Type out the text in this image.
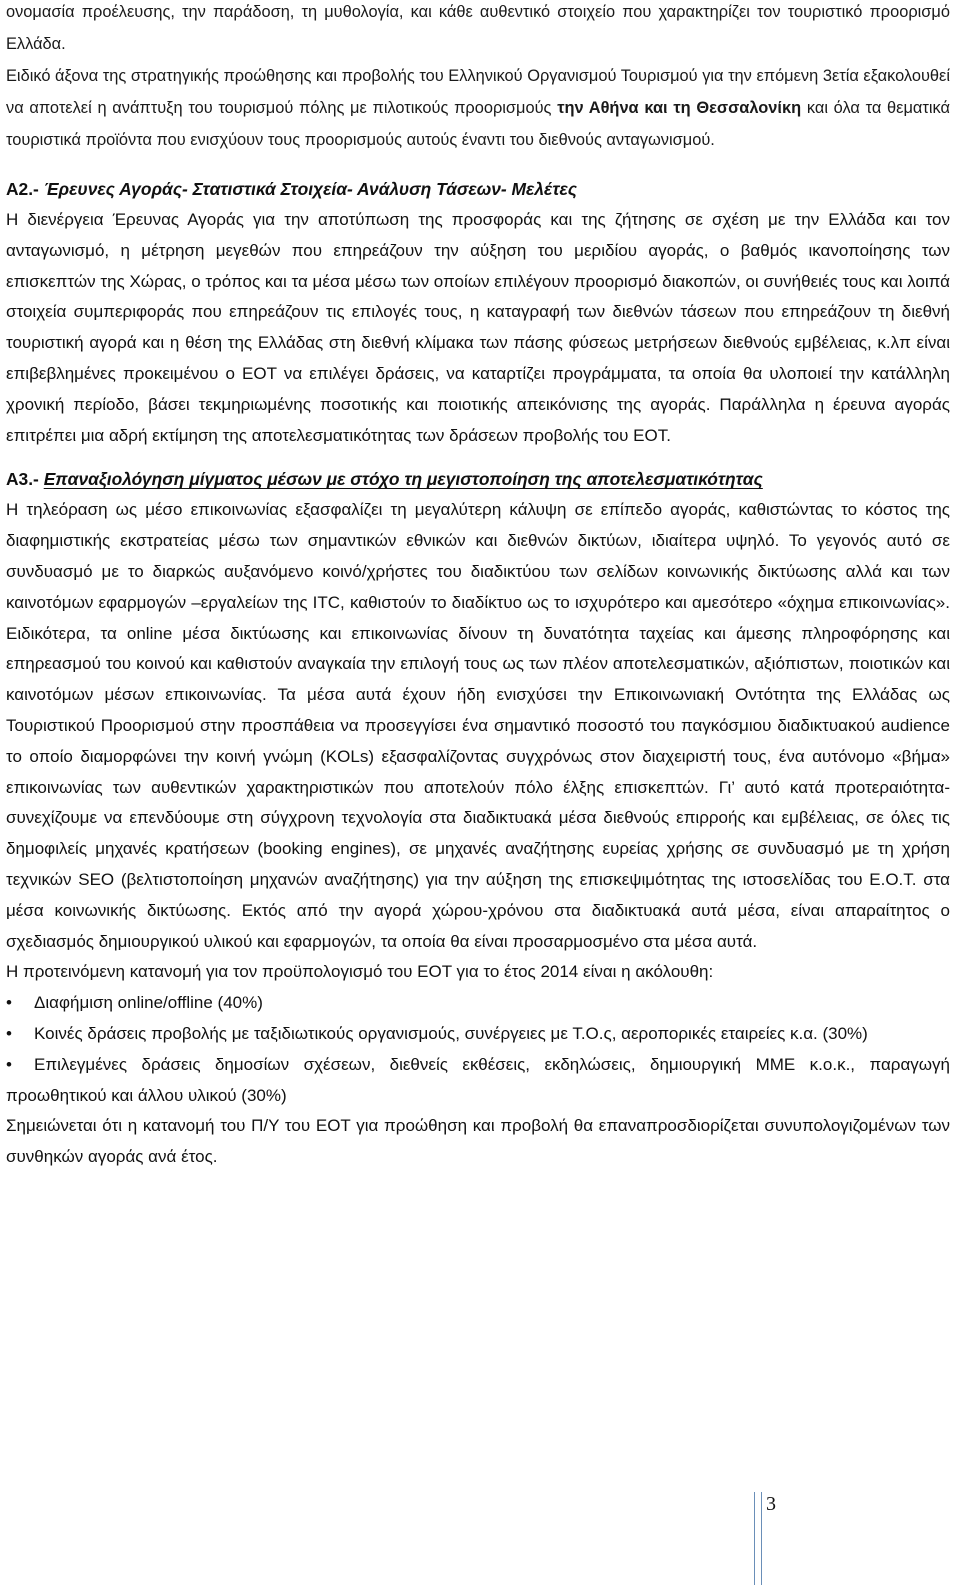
ονομασία προέλευσης, την παράδοση, τη μυθολογία, και κάθε αυθεντικό στοιχείο που χαρακτηρίζει τον τουριστικό προορισμό Ελλάδα.

Ειδικό άξονα της στρατηγικής προώθησης και προβολής του Ελληνικού Οργανισμού Τουρισμού για την επόμενη 3ετία εξακολουθεί να αποτελεί η ανάπτυξη του τουρισμού πόλης με πιλοτικούς προορισμούς την Αθήνα και τη Θεσσαλονίκη και όλα τα θεματικά τουριστικά προϊόντα που ενισχύουν τους προορισμούς αυτούς έναντι του διεθνούς ανταγωνισμού.

Α2.- Έρευνες Αγοράς- Στατιστικά Στοιχεία- Ανάλυση Τάσεων- Μελέτες

Η διενέργεια Έρευνας Αγοράς για την αποτύπωση της προσφοράς και της ζήτησης σε σχέση με την Ελλάδα και τον ανταγωνισμό, η μέτρηση μεγεθών που επηρεάζουν την αύξηση του μεριδίου αγοράς, ο βαθμός ικανοποίησης των επισκεπτών της Χώρας, ο τρόπος και τα μέσα μέσω των οποίων επιλέγουν προορισμό διακοπών, οι συνήθειές τους και λοιπά στοιχεία συμπεριφοράς που επηρεάζουν τις επιλογές τους, η καταγραφή των διεθνών τάσεων που επηρεάζουν τη διεθνή τουριστική αγορά και η θέση της Ελλάδας στη διεθνή κλίμακα των πάσης φύσεως μετρήσεων διεθνούς εμβέλειας, κ.λπ είναι επιβεβλημένες προκειμένου ο ΕΟΤ να επιλέγει δράσεις, να καταρτίζει προγράμματα, τα οποία θα υλοποιεί την κατάλληλη χρονική περίοδο, βάσει τεκμηριωμένης ποσοτικής και ποιοτικής απεικόνισης της αγοράς. Παράλληλα η έρευνα αγοράς επιτρέπει μια αδρή εκτίμηση της αποτελεσματικότητας των δράσεων προβολής του ΕΟΤ.

Α3.- Επαναξιολόγηση μίγματος μέσων με στόχο τη μεγιστοποίηση της αποτελεσματικότητας

Η τηλεόραση ως μέσο επικοινωνίας εξασφαλίζει τη μεγαλύτερη κάλυψη σε επίπεδο αγοράς, καθιστώντας το κόστος της διαφημιστικής εκστρατείας μέσω των σημαντικών εθνικών και διεθνών δικτύων, ιδιαίτερα υψηλό. Το γεγονός αυτό σε συνδυασμό με το διαρκώς αυξανόμενο κοινό/χρήστες του διαδικτύου των σελίδων κοινωνικής δικτύωσης αλλά και των καινοτόμων εφαρμογών –εργαλείων της ΙΤC, καθιστούν το διαδίκτυο ως το ισχυρότερο και αμεσότερο «όχημα επικοινωνίας». Ειδικότερα, τα online μέσα δικτύωσης και επικοινωνίας δίνουν τη δυνατότητα ταχείας και άμεσης πληροφόρησης και επηρεασμού του κοινού και καθιστούν αναγκαία την επιλογή τους ως των πλέον αποτελεσματικών, αξιόπιστων, ποιοτικών και καινοτόμων μέσων επικοινωνίας. Τα μέσα αυτά έχουν ήδη ενισχύσει την Επικοινωνιακή Οντότητα της Ελλάδας ως Τουριστικού Προορισμού στην προσπάθεια να προσεγγίσει ένα σημαντικό ποσοστό του παγκόσμιου διαδικτυακού audience το οποίο διαμορφώνει την κοινή γνώμη (KOLs) εξασφαλίζοντας συγχρόνως στον διαχειριστή τους, ένα αυτόνομο «βήμα» επικοινωνίας των αυθεντικών χαρακτηριστικών που αποτελούν πόλο έλξης επισκεπτών. Γι’ αυτό κατά προτεραιότητα- συνεχίζουμε να επενδύουμε στη σύγχρονη τεχνολογία στα διαδικτυακά μέσα διεθνούς επιρροής και εμβέλειας, σε όλες τις δημοφιλείς μηχανές κρατήσεων (booking engines), σε μηχανές αναζήτησης ευρείας χρήσης σε συνδυασμό με τη χρήση τεχνικών SEO (βελτιστοποίηση μηχανών αναζήτησης) για την αύξηση της επισκεψιμότητας της ιστοσελίδας του Ε.Ο.Τ. στα μέσα κοινωνικής δικτύωσης. Εκτός από την αγορά χώρου-χρόνου στα διαδικτυακά αυτά μέσα, είναι απαραίτητος ο σχεδιασμός δημιουργικού υλικού και εφαρμογών, τα οποία θα είναι προσαρμοσμένο στα μέσα αυτά.

Η προτεινόμενη κατανομή για τον προϋπολογισμό του ΕΟΤ για το έτος 2014 είναι η ακόλουθη:

• Διαφήμιση online/offline (40%)

• Κοινές δράσεις προβολής με ταξιδιωτικούς οργανισμούς, συνέργειες με Τ.Ο.ς, αεροπορικές εταιρείες κ.α. (30%)

• Επιλεγμένες δράσεις δημοσίων σχέσεων, διεθνείς εκθέσεις, εκδηλώσεις, δημιουργική ΜΜΕ κ.ο.κ., παραγωγή προωθητικού και άλλου υλικού (30%)

Σημειώνεται ότι η κατανομή του Π/Υ του ΕΟΤ για προώθηση και προβολή θα επαναπροσδιορίζεται συνυπολογιζομένων των συνθηκών αγοράς ανά έτος.

3
